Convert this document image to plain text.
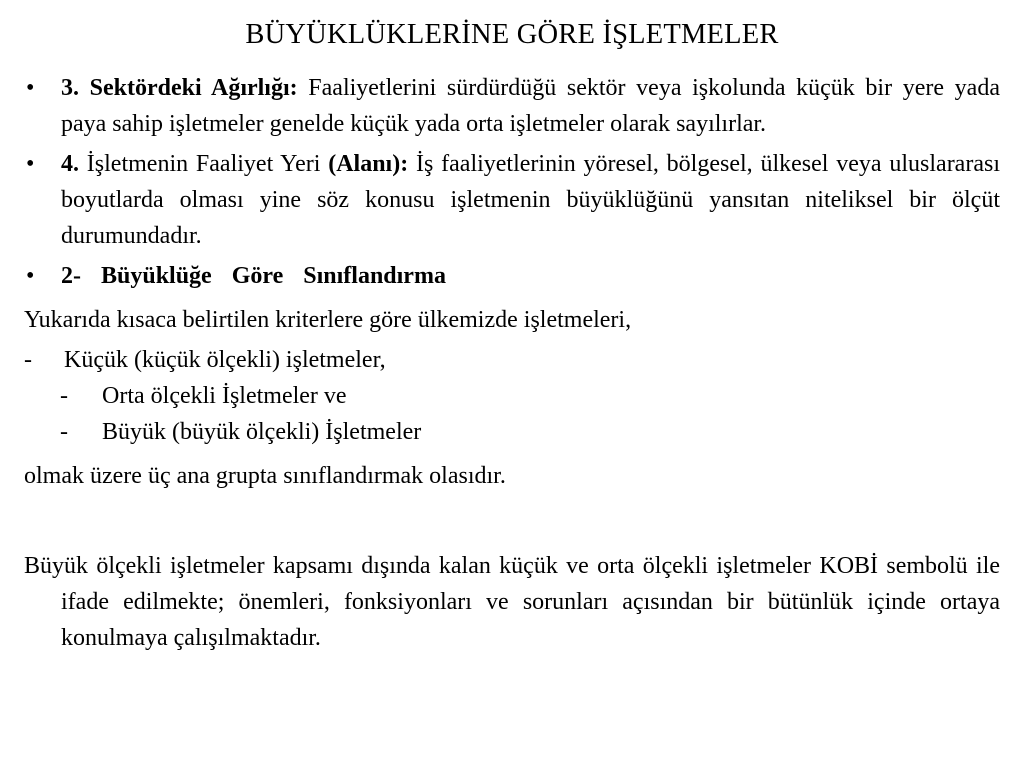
BÜYÜKLÜKLERİNE GÖRE İŞLETMELER
• 3. Sektördeki Ağırlığı: Faaliyetlerini sürdürdüğü sektör veya işkolunda küçük bir yere yada paya sahip işletmeler genelde küçük yada orta işletmeler olarak sayılırlar.
• 4. İşletmenin Faaliyet Yeri (Alanı): İş faaliyetlerinin yöresel, bölgesel, ülkesel veya uluslararası boyutlarda olması yine söz konusu işletmenin büyüklüğünü yansıtan niteliksel bir ölçüt durumundadır.
• 2- Büyüklüğe Göre Sınıflandırma

Yukarıda kısaca belirtilen kriterlere göre ülkemizde işletmeleri,

- Küçük (küçük ölçekli) işletmeler,
- Orta ölçekli İşletmeler ve
- Büyük (büyük ölçekli) İşletmeler

olmak üzere üç ana grupta sınıflandırmak olasıdır.

Büyük ölçekli işletmeler kapsamı dışında kalan küçük ve orta ölçekli işletmeler KOBİ sembolü ile ifade edilmekte; önemleri, fonksiyonları ve sorunları açısından bir bütünlük içinde ortaya konulmaya çalışılmaktadır.
